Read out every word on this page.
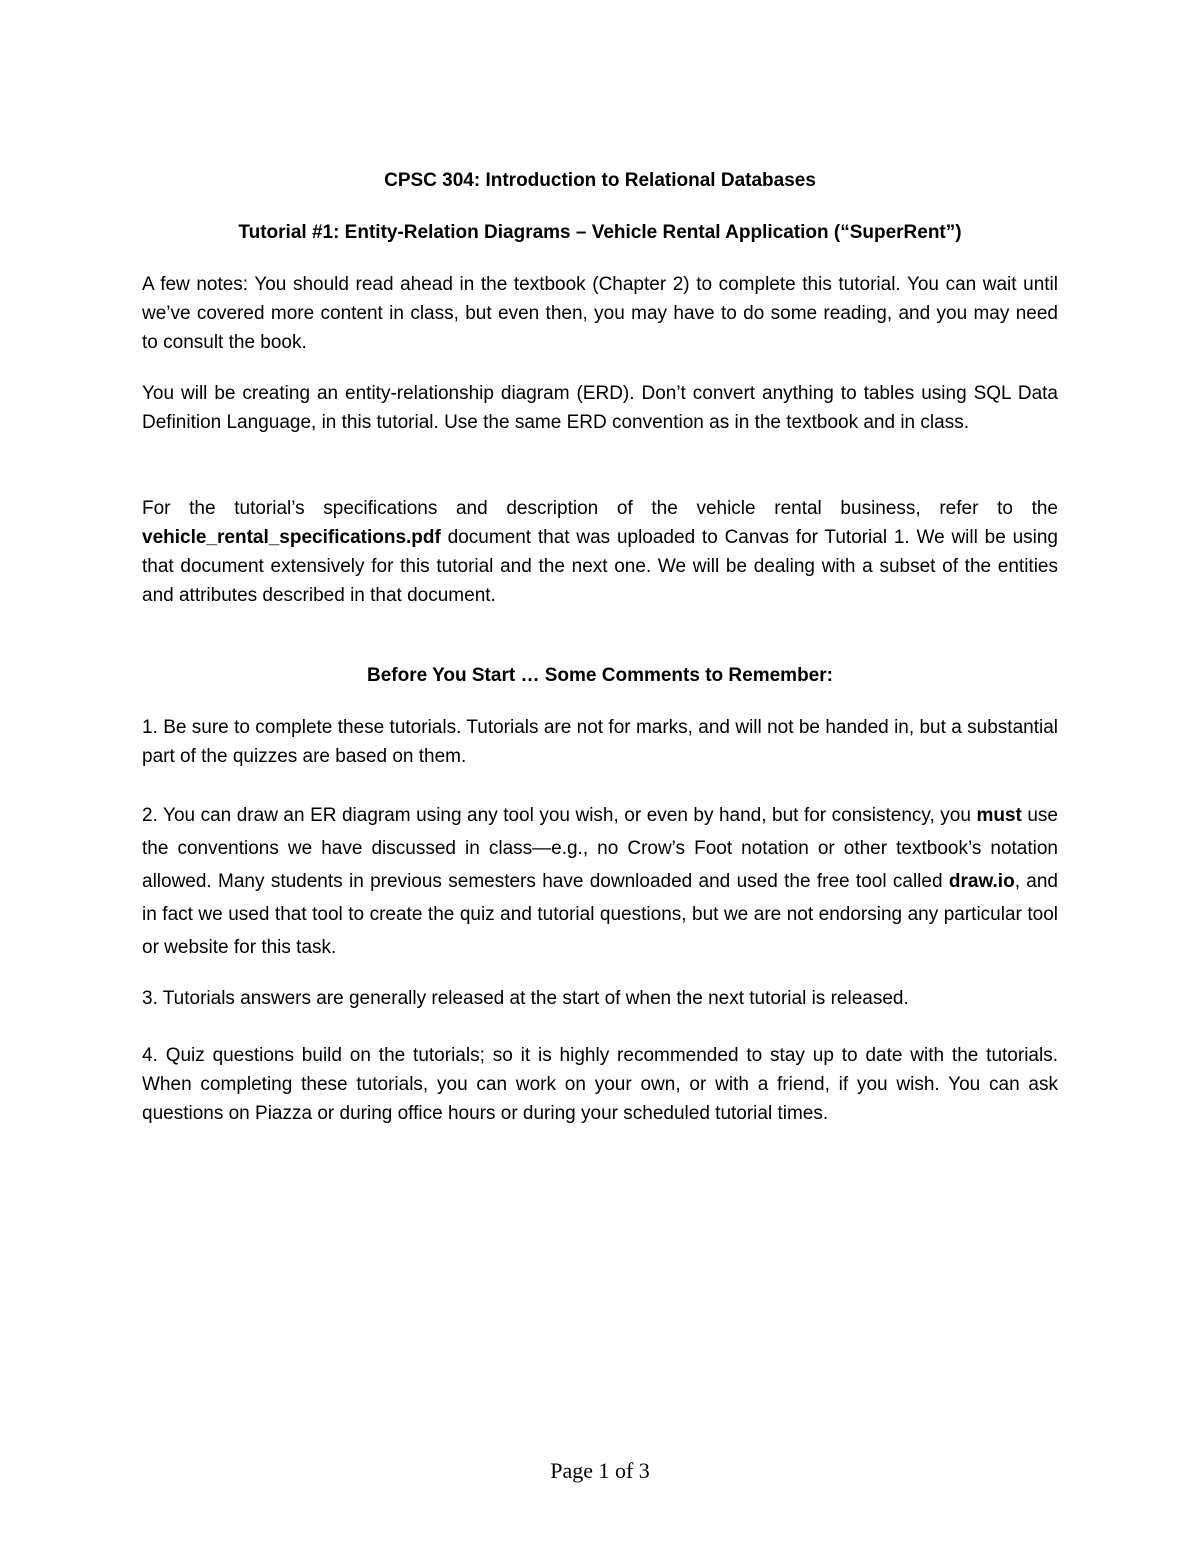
CPSC 304: Introduction to Relational Databases

Tutorial #1: Entity-Relation Diagrams – Vehicle Rental Application (“SuperRent”)

A few notes: You should read ahead in the textbook (Chapter 2) to complete this tutorial. You can wait until we’ve covered more content in class, but even then, you may have to do some reading, and you may need to consult the book.

You will be creating an entity-relationship diagram (ERD). Don’t convert anything to tables using SQL Data Definition Language, in this tutorial. Use the same ERD convention as in the textbook and in class.

For the tutorial’s specifications and description of the vehicle rental business, refer to the vehicle_rental_specifications.pdf document that was uploaded to Canvas for Tutorial 1. We will be using that document extensively for this tutorial and the next one. We will be dealing with a subset of the entities and attributes described in that document.

Before You Start … Some Comments to Remember:

1. Be sure to complete these tutorials. Tutorials are not for marks, and will not be handed in, but a substantial part of the quizzes are based on them.

2. You can draw an ER diagram using any tool you wish, or even by hand, but for consistency, you must use the conventions we have discussed in class—e.g., no Crow’s Foot notation or other textbook’s notation allowed. Many students in previous semesters have downloaded and used the free tool called draw.io, and in fact we used that tool to create the quiz and tutorial questions, but we are not endorsing any particular tool or website for this task.

3. Tutorials answers are generally released at the start of when the next tutorial is released.

4. Quiz questions build on the tutorials; so it is highly recommended to stay up to date with the tutorials. When completing these tutorials, you can work on your own, or with a friend, if you wish. You can ask questions on Piazza or during office hours or during your scheduled tutorial times.

Page 1 of 3
